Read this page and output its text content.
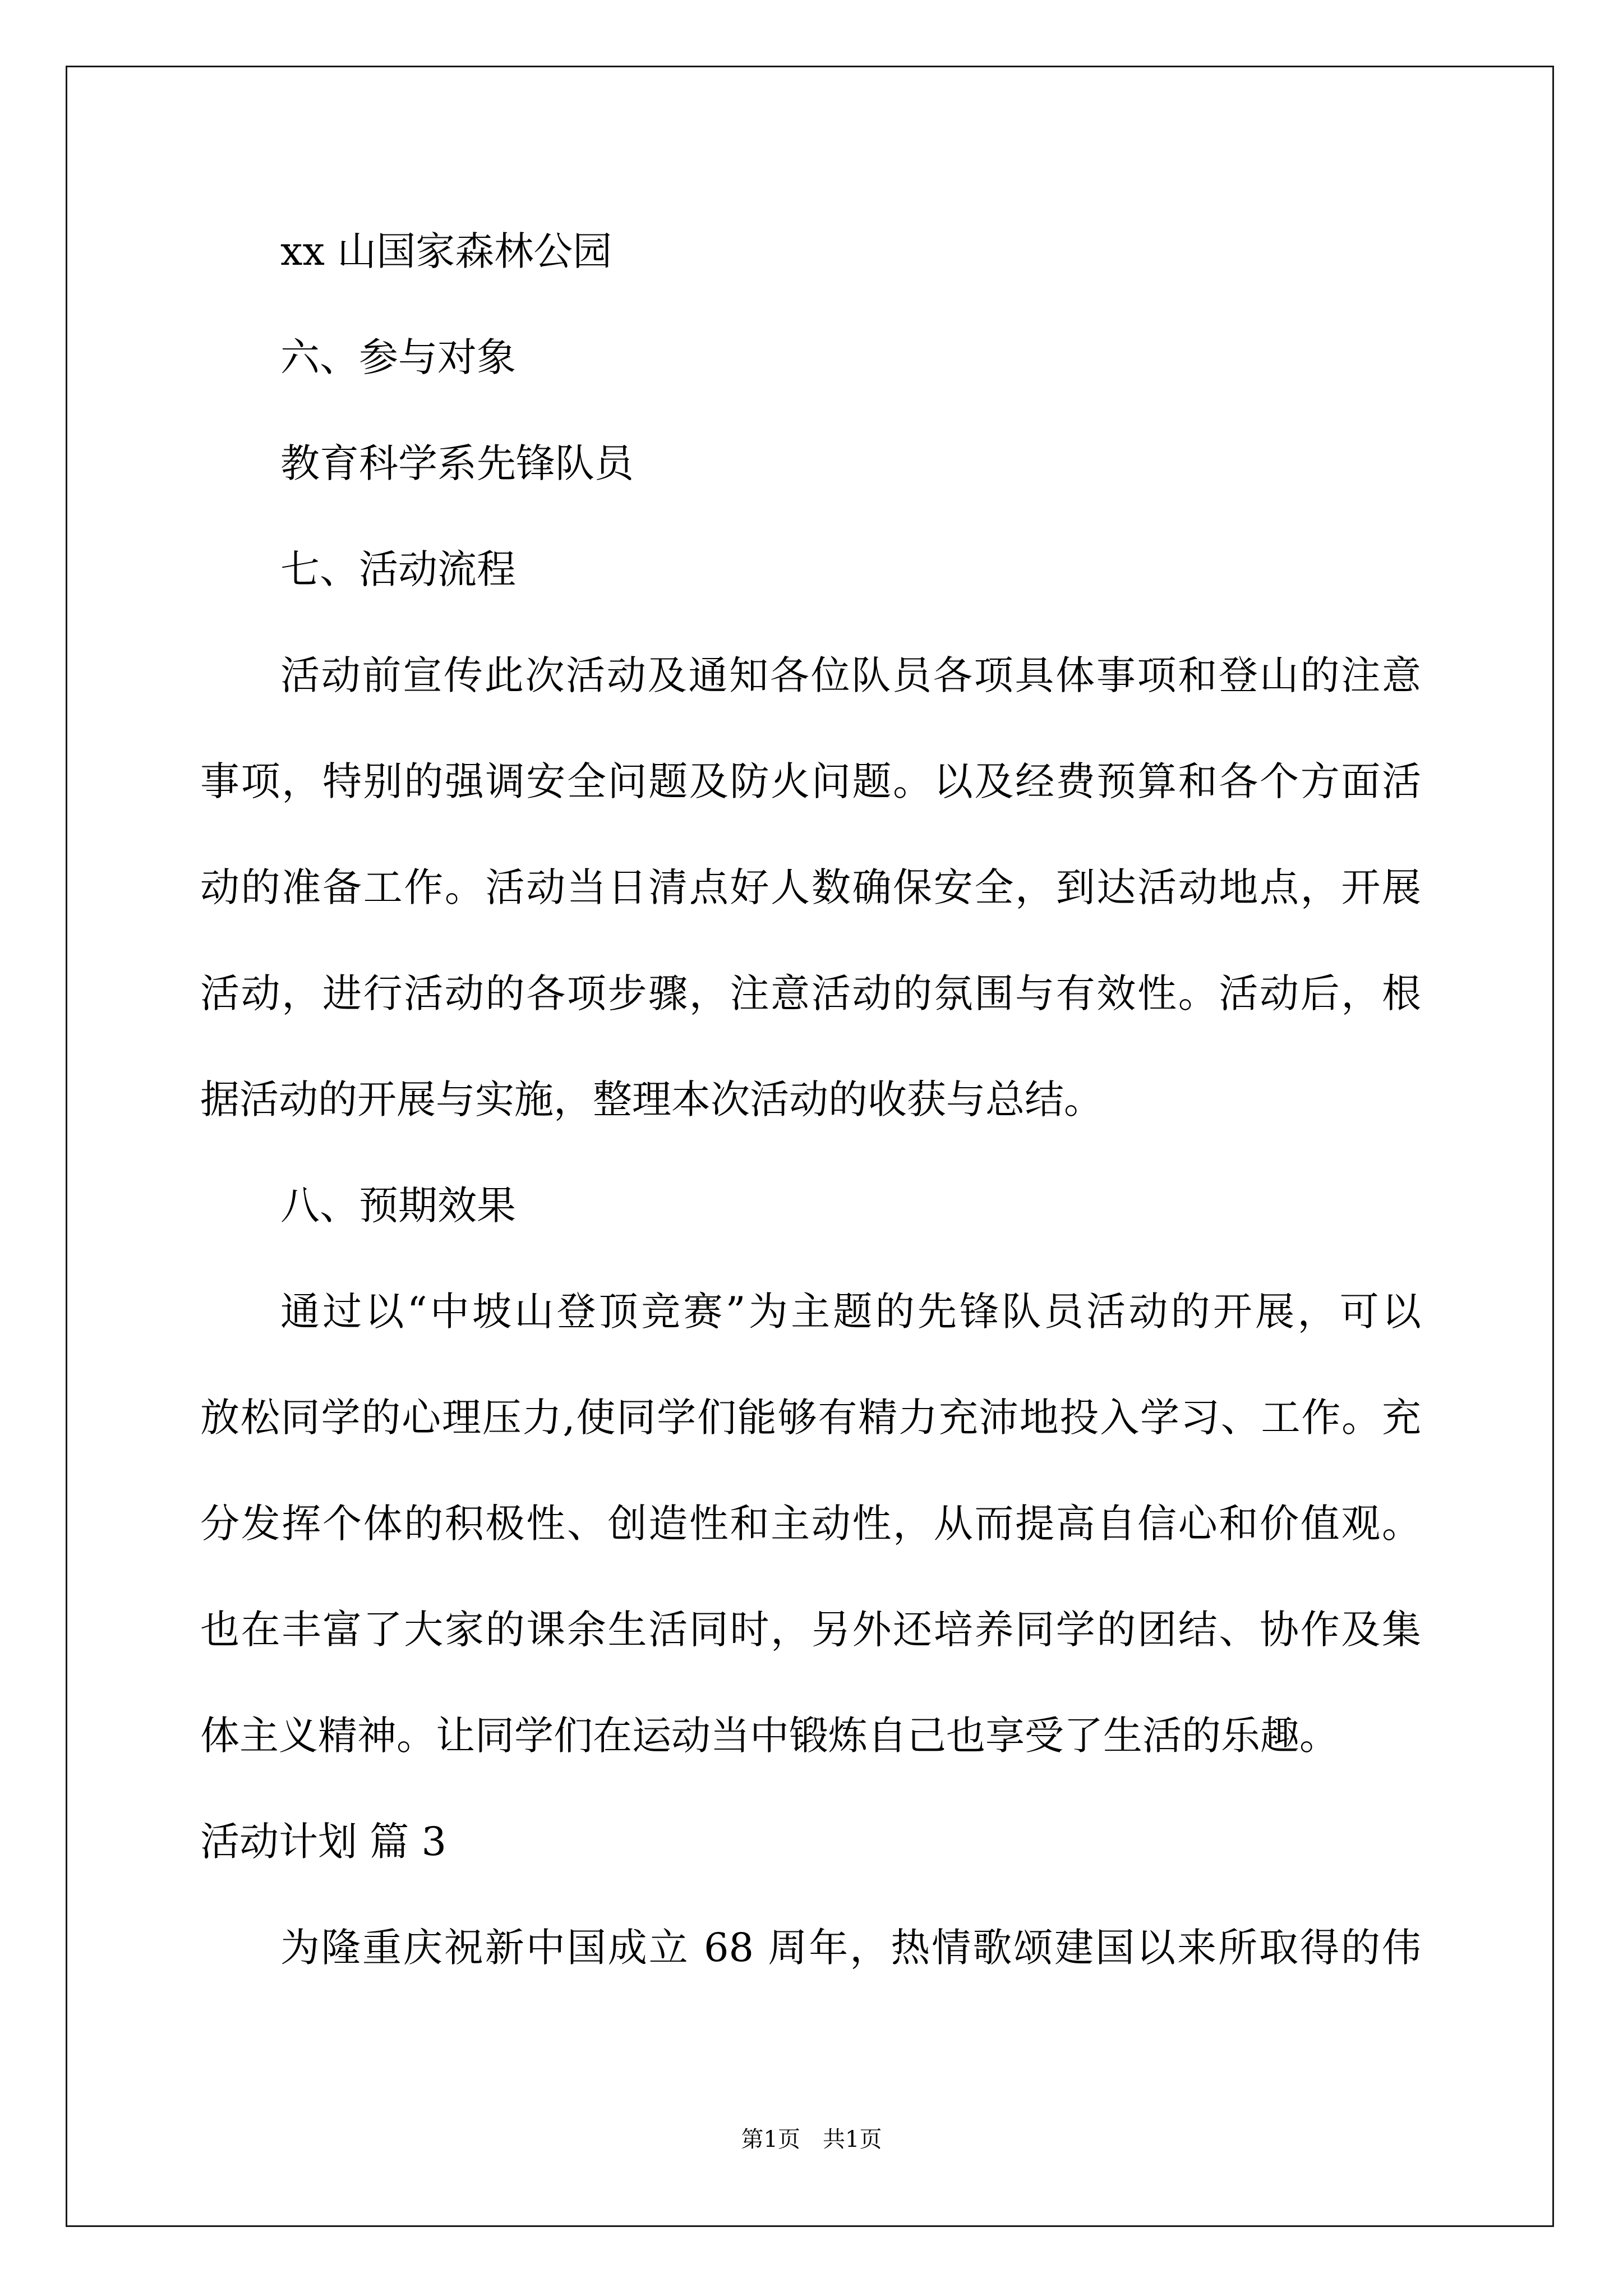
xx 山国家森林公园
六、参与对象
教育科学系先锋队员
七、活动流程
活动前宣传此次活动及通知各位队员各项具体事项和登山的注意
事项，特别的强调安全问题及防火问题。以及经费预算和各个方面活
动的准备工作。活动当日清点好人数确保安全，到达活动地点，开展
活动，进行活动的各项步骤，注意活动的氛围与有效性。活动后，根
据活动的开展与实施，整理本次活动的收获与总结。
八、预期效果
通过以“中坡山登顶竞赛”为主题的先锋队员活动的开展，可以
放松同学的心理压力,使同学们能够有精力充沛地投入学习、工作。充
分发挥个体的积极性、创造性和主动性，从而提高自信心和价值观。
也在丰富了大家的课余生活同时，另外还培养同学的团结、协作及集
体主义精神。让同学们在运动当中锻炼自己也享受了生活的乐趣。
活动计划 篇 3
为隆重庆祝新中国成立 68 周年，热情歌颂建国以来所取得的伟
第1页　共1页
